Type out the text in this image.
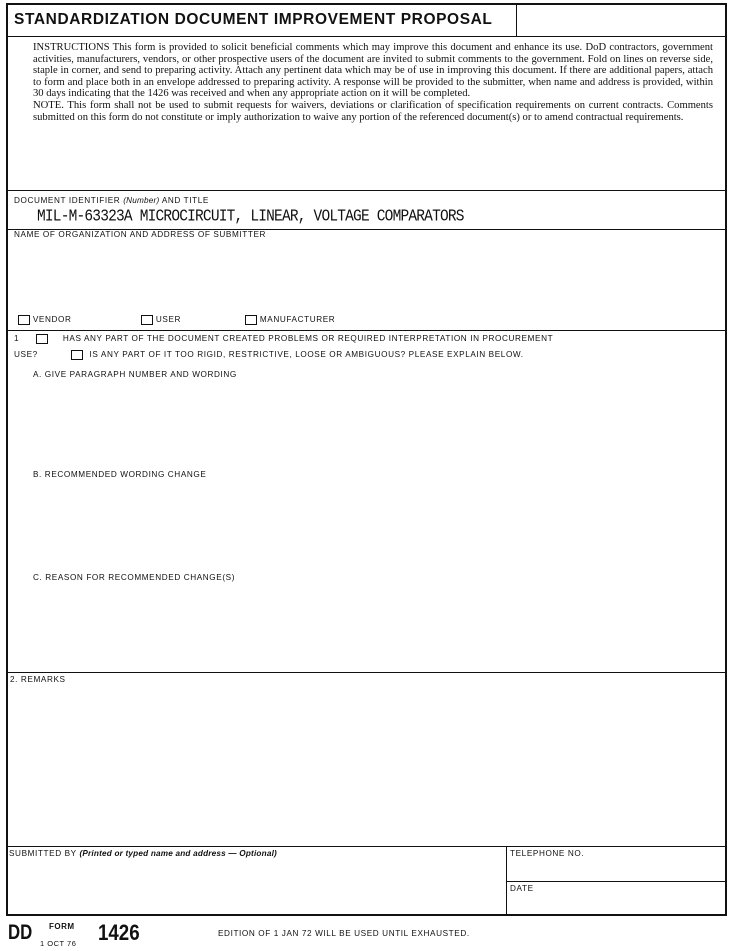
STANDARDIZATION DOCUMENT IMPROVEMENT PROPOSAL

INSTRUCTIONS This form is provided to solicit beneficial comments which may improve this document and enhance its use. DoD contractors, government activities, manufacturers, vendors, or other prospective users of the document are invited to submit comments to the government. Fold on lines on reverse side, staple in corner, and send to preparing activity. Attach any pertinent data which may be of use in improving this document. If there are additional papers, attach to form and place both in an envelope addressed to preparing activity. A response will be provided to the submitter, when name and address is provided, within 30 days indicating that the 1426 was received and when any appropriate action on it will be completed.

NOTE. This form shall not be used to submit requests for waivers, deviations or clarification of specification requirements on current contracts. Comments submitted on this form do not constitute or imply authorization to waive any portion of the referenced document(s) or to amend contractual requirements.

DOCUMENT IDENTIFIER (Number) AND TITLE
MIL-M-63323A MICROCIRCUIT, LINEAR, VOLTAGE COMPARATORS
NAME OF ORGANIZATION AND ADDRESS OF SUBMITTER
VENDOR	USER	MANUFACTURER
1	HAS ANY PART OF THE DOCUMENT CREATED PROBLEMS OR REQUIRED INTERPRETATION IN PROCUREMENT
USE?	IS ANY PART OF IT TOO RIGID, RESTRICTIVE, LOOSE OR AMBIGUOUS? PLEASE EXPLAIN BELOW.
A. GIVE PARAGRAPH NUMBER AND WORDING
B. RECOMMENDED WORDING CHANGE
C. REASON FOR RECOMMENDED CHANGE(S)
2. REMARKS
SUBMITTED BY (Printed or typed name and address — Optional)	TELEPHONE NO.
DATE
DD FORM 1426
1 OCT 76
EDITION OF 1 JAN 72 WILL BE USED UNTIL EXHAUSTED.
